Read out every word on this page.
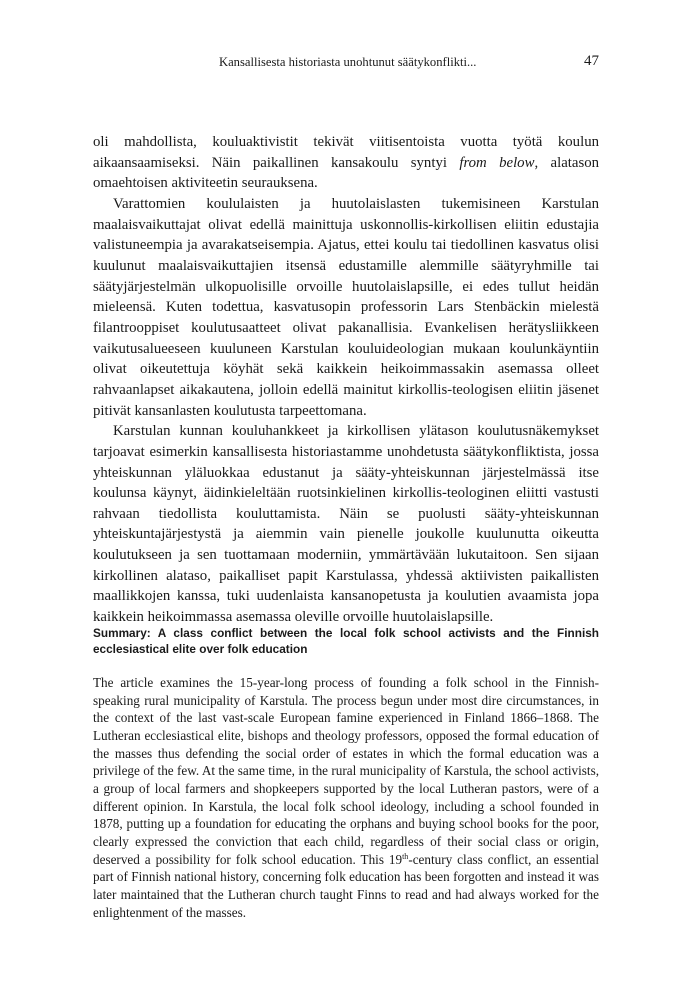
Kansallisesta historiasta unohtunut säätykonflikti...	47

oli mahdollista, kouluaktivistit tekivät viitisentoista vuotta työtä koulun aikaansaamiseksi. Näin paikallinen kansakoulu syntyi from below, alatason omaehtoisen aktiviteetin seurauksena.

Varattomien koululaisten ja huutolaislasten tukemisineen Karstulan maalaisvaikuttajat olivat edellä mainittuja uskonnollis-kirkollisen eliitin edustajia valistuneempia ja avarakatseisempia. Ajatus, ettei koulu tai tiedollinen kasvatus olisi kuulunut maalaisvaikuttajien itsensä edustamille alemmille säätyryhmille tai säätyjärjestelmän ulkopuolisille orvoille huutolaislapsille, ei edes tullut heidän mieleensä. Kuten todettua, kasvatusopin professorin Lars Stenbäckin mielestä filantrooppiset koulutusaatteet olivat pakanallisia. Evankelisen herätysliikkeen vaikutusalueeseen kuuluneen Karstulan kouluideologian mukaan koulunkäyntiin olivat oikeutettuja köyhät sekä kaikkein heikoimmassakin asemassa olleet rahvaanlapset aikakautena, jolloin edellä mainitut kirkollis-teologisen eliitin jäsenet pitivät kansanlasten koulutusta tarpeettomana.

Karstulan kunnan kouluhankkeet ja kirkollisen ylätason koulutusnäkemykset tarjoavat esimerkin kansallisesta historiastamme unohdetusta säätykonfliktista, jossa yhteiskunnan yläluokkaa edustanut ja sääty-yhteiskunnan järjestelmässä itse koulunsa käynyt, äidinkieleltään ruotsinkielinen kirkollis-teologinen eliitti vastusti rahvaan tiedollista kouluttamista. Näin se puolusti sääty-yhteiskunnan yhteiskuntajärjestystä ja aiemmin vain pienelle joukolle kuulunutta oikeutta koulutukseen ja sen tuottamaan moderniin, ymmärtävään lukutaitoon. Sen sijaan kirkollinen alataso, paikalliset papit Karstulassa, yhdessä aktiivisten paikallisten maallikkojen kanssa, tuki uudenlaista kansanopetusta ja koulutien avaamista jopa kaikkein heikoimmassa asemassa oleville orvoille huutolaislapsille.

Summary: A class conflict between the local folk school activists and the Finnish ecclesiastical elite over folk education
The article examines the 15-year-long process of founding a folk school in the Finnish-speaking rural municipality of Karstula. The process begun under most dire circumstances, in the context of the last vast-scale European famine experienced in Finland 1866–1868. The Lutheran ecclesiastical elite, bishops and theology professors, opposed the formal education of the masses thus defending the social order of estates in which the formal education was a privilege of the few. At the same time, in the rural municipality of Karstula, the school activists, a group of local farmers and shopkeepers supported by the local Lutheran pastors, were of a different opinion. In Karstula, the local folk school ideology, including a school founded in 1878, putting up a foundation for educating the orphans and buying school books for the poor, clearly expressed the conviction that each child, regardless of their social class or origin, deserved a possibility for folk school education. This 19th-century class conflict, an essential part of Finnish national history, concerning folk education has been forgotten and instead it was later maintained that the Lutheran church taught Finns to read and had always worked for the enlightenment of the masses.
